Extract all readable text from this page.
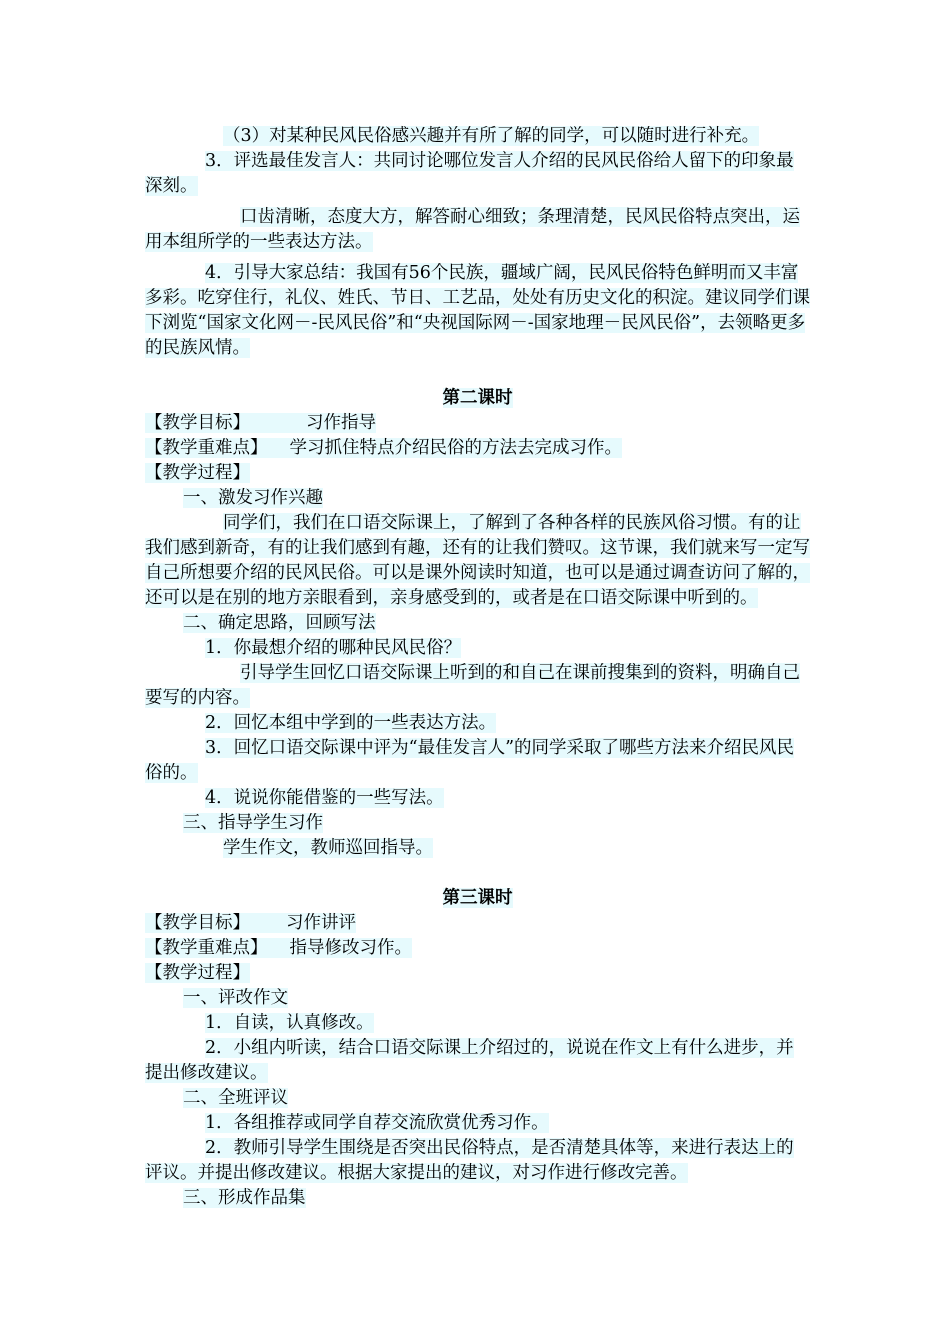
（3）对某种民风民俗感兴趣并有所了解的同学，可以随时进行补充。

3．评选最佳发言人：共同讨论哪位发言人介绍的民风民俗给人留下的印象最深刻。

口齿清晰，态度大方，解答耐心细致；条理清楚，民风民俗特点突出，运用本组所学的一些表达方法。

4．引导大家总结：我国有56个民族，疆域广阔，民风民俗特色鲜明而又丰富多彩。吃穿住行，礼仪、姓氏、节日、工艺品，处处有历史文化的积淀。建议同学们课下浏览“国家文化网－-民风民俗”和“央视国际网－-国家地理－民风民俗”，去领略更多的民族风情。

第二课时

【教学目标】	习作指导

【教学重难点】 学习抓住特点介绍民俗的方法去完成习作。

【教学过程】

一、激发习作兴趣

同学们，我们在口语交际课上，了解到了各种各样的民族风俗习惯。有的让我们感到新奇，有的让我们感到有趣，还有的让我们赞叹。这节课，我们就来写一定写自己所想要介绍的民风民俗。可以是课外阅读时知道，也可以是通过调查访问了解的，还可以是在别的地方亲眼看到，亲身感受到的，或者是在口语交际课中听到的。

二、确定思路，回顾写法

1．你最想介绍的哪种民风民俗？

引导学生回忆口语交际课上听到的和自己在课前搜集到的资料，明确自己要写的内容。

2．回忆本组中学到的一些表达方法。

3．回忆口语交际课中评为“最佳发言人”的同学采取了哪些方法来介绍民风民俗的。

4．说说你能借鉴的一些写法。

三、指导学生习作

学生作文，教师巡回指导。

第三课时

【教学目标】 习作讲评

【教学重难点】 指导修改习作。

【教学过程】

一、评改作文

1．自读，认真修改。

2．小组内听读，结合口语交际课上介绍过的，说说在作文上有什么进步，并提出修改建议。

二、全班评议

1．各组推荐或同学自荐交流欣赏优秀习作。

2．教师引导学生围绕是否突出民俗特点，是否清楚具体等，来进行表达上的评议。并提出修改建议。根据大家提出的建议，对习作进行修改完善。

三、形成作品集
